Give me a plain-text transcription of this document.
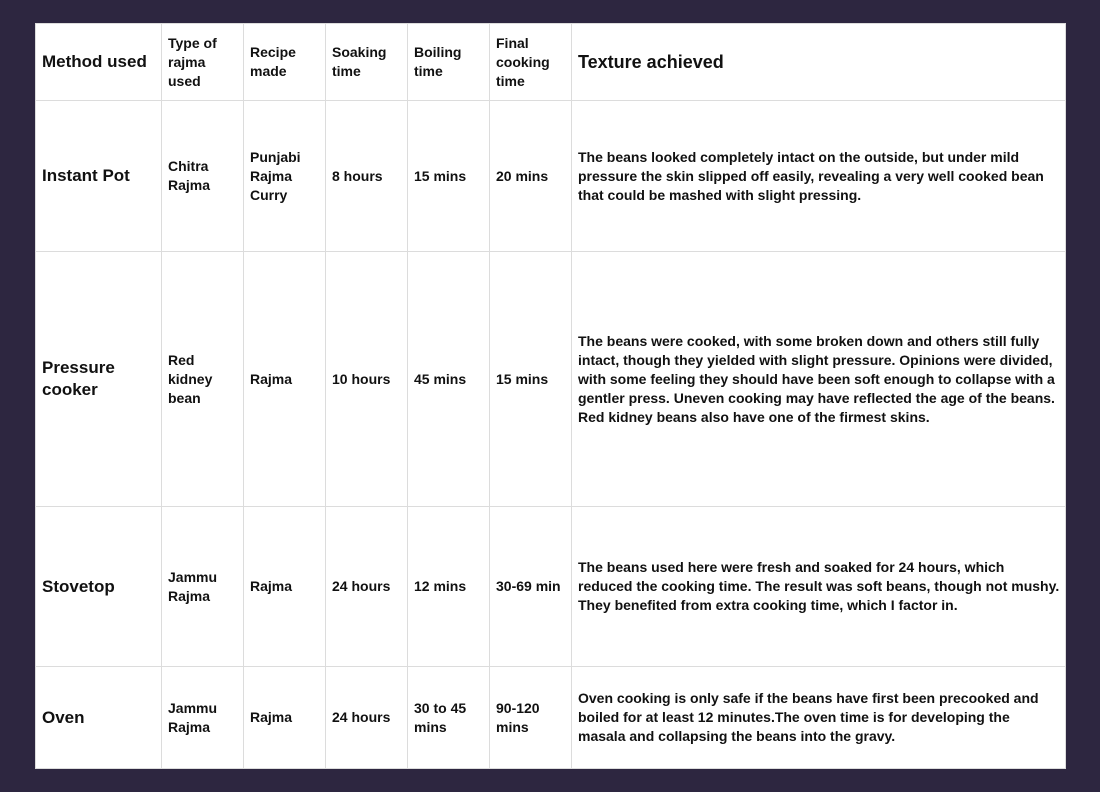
Method used	Type of rajma used	Recipe made	Soaking time	Boiling time	Final cooking time	Texture achieved
Instant Pot	Chitra Rajma	Punjabi Rajma Curry	8 hours	15 mins	20 mins	The beans looked completely intact on the outside, but under mild pressure the skin slipped off easily, revealing a very well cooked bean that could be mashed with slight pressing.
Pressure cooker	Red kidney bean	Rajma	10 hours	45 mins	15 mins	The beans were cooked, with some broken down and others still fully intact, though they yielded with slight pressure. Opinions were divided, with some feeling they should have been soft enough to collapse with a gentler press. Uneven cooking may have reflected the age of the beans. Red kidney beans also have one of the firmest skins.
Stovetop	Jammu Rajma	Rajma	24 hours	12 mins	30-69 min	The beans used here were fresh and soaked for 24 hours, which reduced the cooking time. The result was soft beans, though not mushy. They benefited from extra cooking time, which I factor in.
Oven	Jammu Rajma	Rajma	24 hours	30 to 45 mins	90-120 mins	Oven cooking is only safe if the beans have first been precooked and boiled for at least 12 minutes.The oven time is for developing the masala and collapsing the beans into the gravy.
